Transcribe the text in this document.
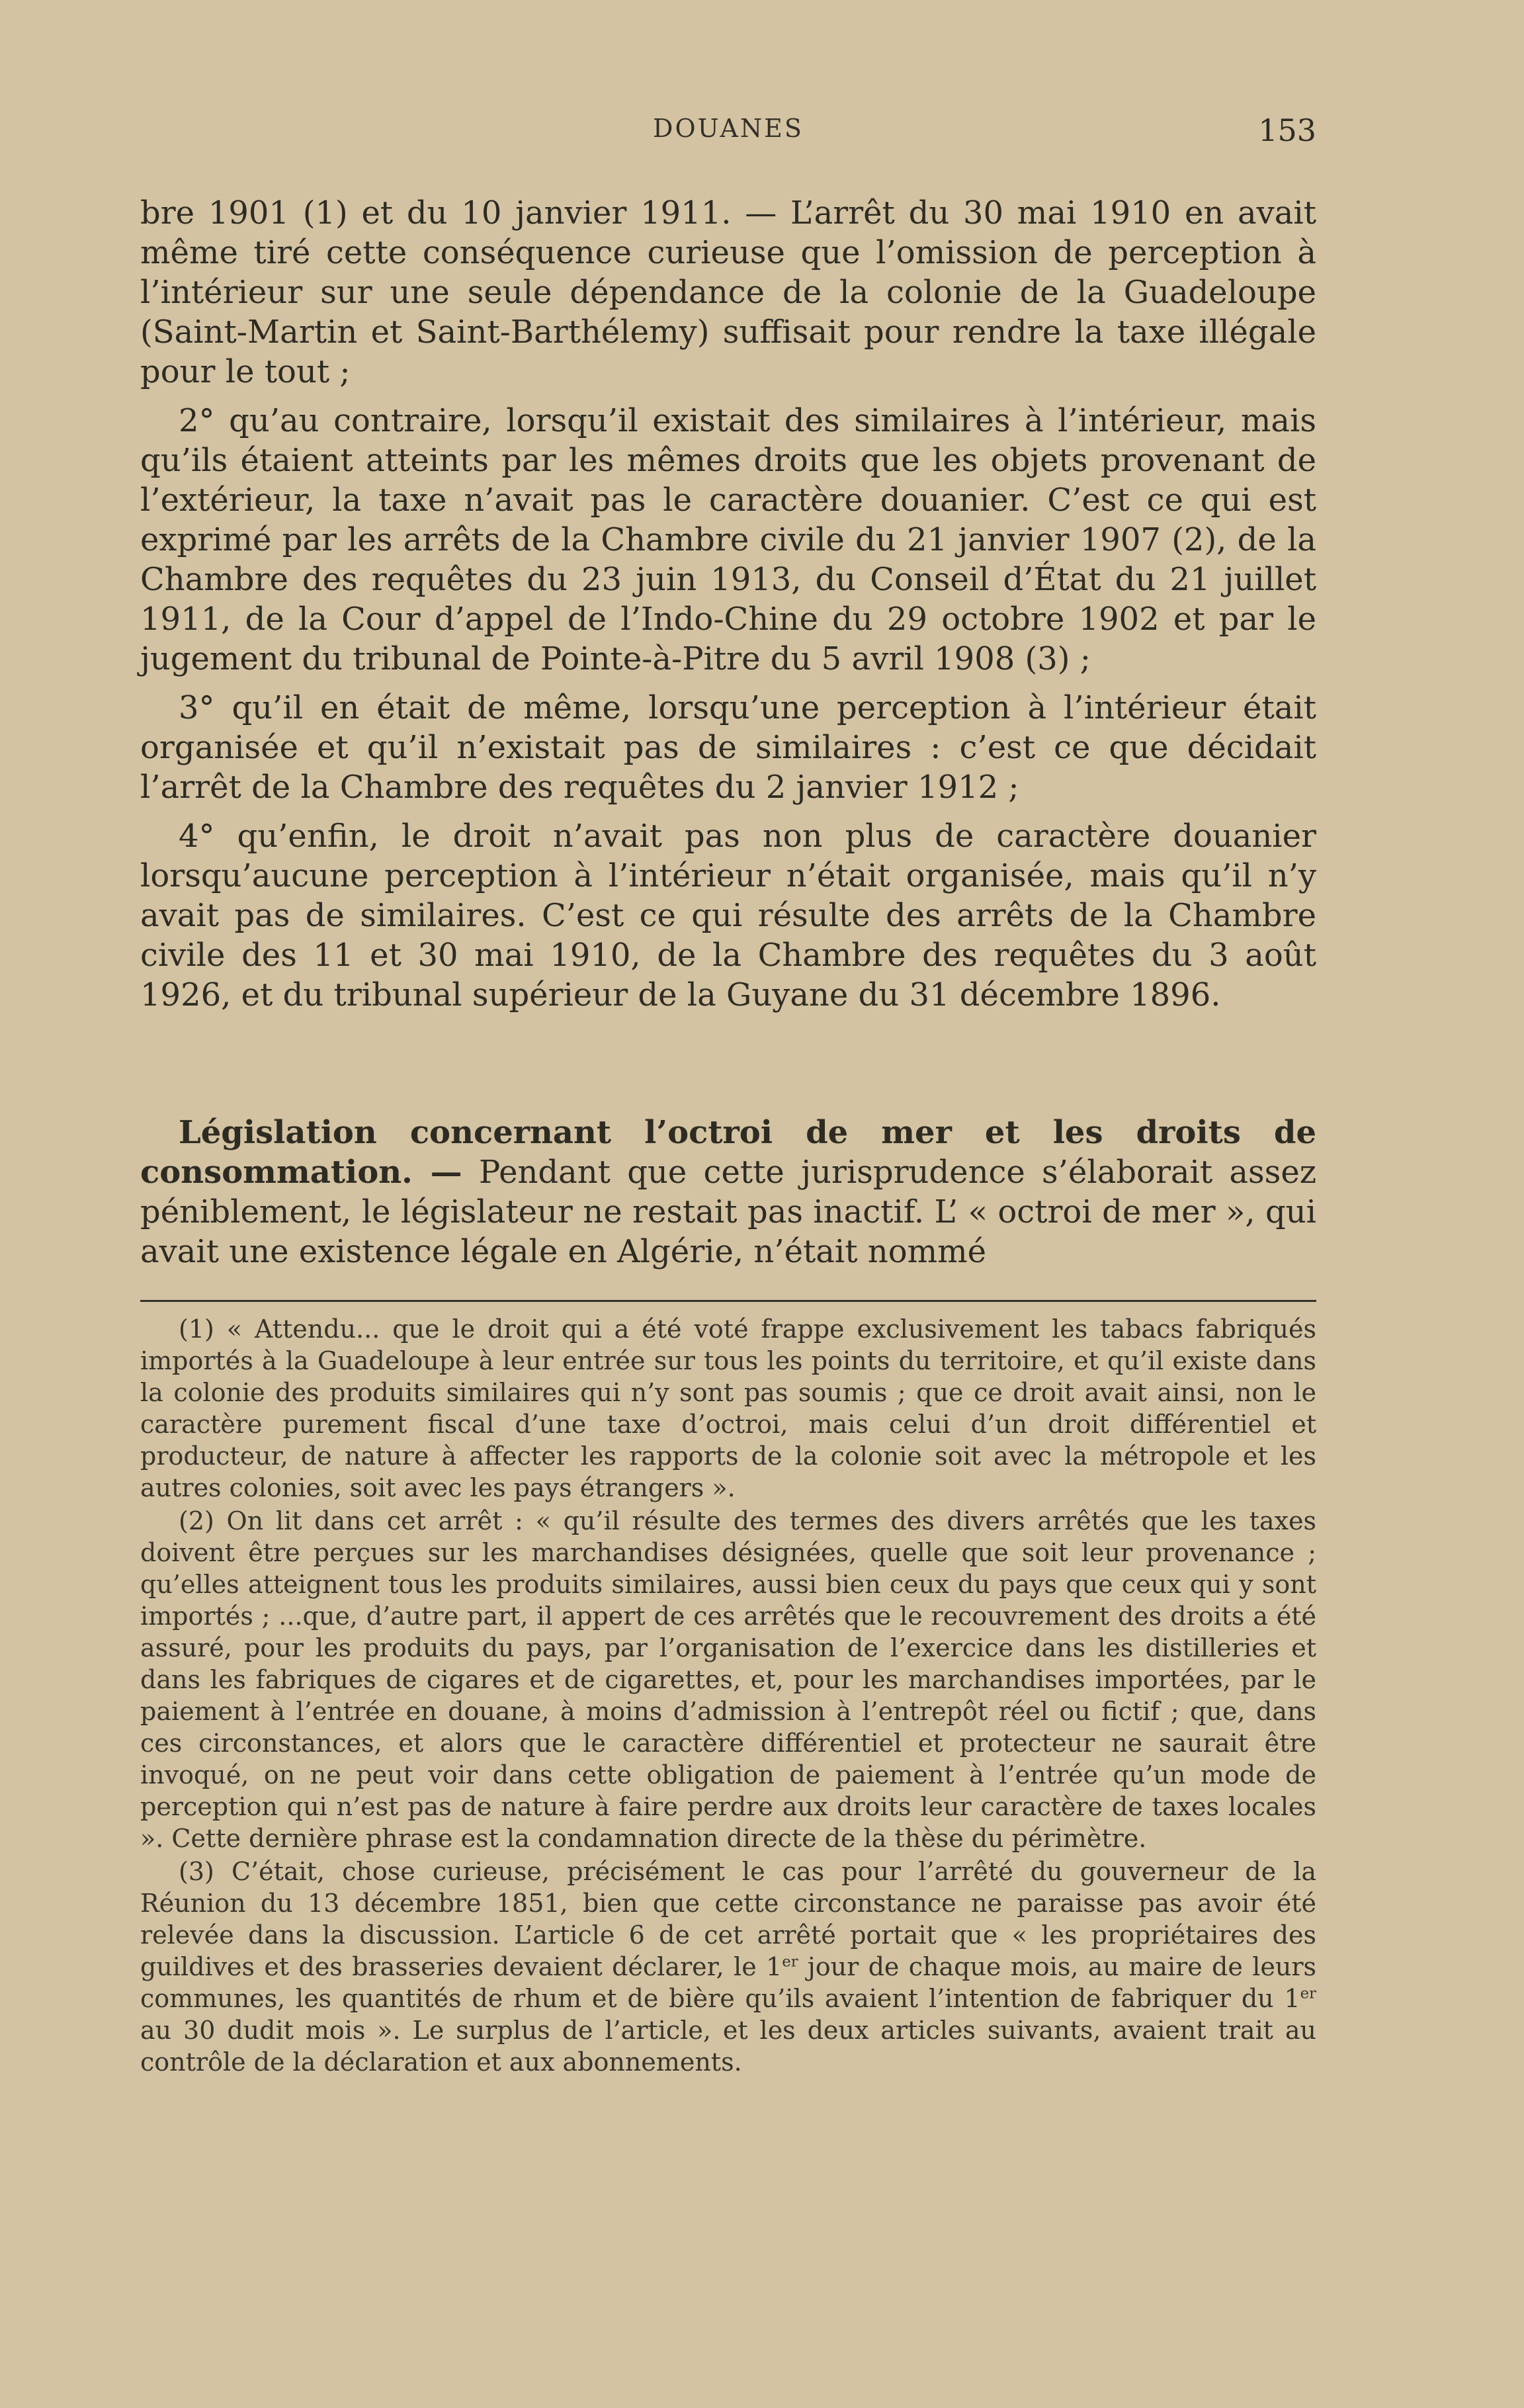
DOUANES	153

bre 1901 (1) et du 10 janvier 1911. — L’arrêt du 30 mai 1910 en avait même tiré cette conséquence curieuse que l’omission de perception à l’intérieur sur une seule dépendance de la colonie de la Guadeloupe (Saint-Martin et Saint-Barthélemy) suffisait pour rendre la taxe illégale pour le tout ;

2° qu’au contraire, lorsqu’il existait des similaires à l’intérieur, mais qu’ils étaient atteints par les mêmes droits que les objets provenant de l’extérieur, la taxe n’avait pas le caractère douanier. C’est ce qui est exprimé par les arrêts de la Chambre civile du 21 janvier 1907 (2), de la Chambre des requêtes du 23 juin 1913, du Conseil d’État du 21 juillet 1911, de la Cour d’appel de l’Indo-Chine du 29 octobre 1902 et par le jugement du tribunal de Pointe-à-Pitre du 5 avril 1908 (3) ;

3° qu’il en était de même, lorsqu’une perception à l’intérieur était organisée et qu’il n’existait pas de similaires : c’est ce que décidait l’arrêt de la Chambre des requêtes du 2 janvier 1912 ;

4° qu’enfin, le droit n’avait pas non plus de caractère douanier lorsqu’aucune perception à l’intérieur n’était organisée, mais qu’il n’y avait pas de similaires. C’est ce qui résulte des arrêts de la Chambre civile des 11 et 30 mai 1910, de la Chambre des requêtes du 3 août 1926, et du tribunal supérieur de la Guyane du 31 décembre 1896.

Législation concernant l’octroi de mer et les droits de consommation. — Pendant que cette jurisprudence s’élaborait assez péniblement, le législateur ne restait pas inactif. L’ « octroi de mer », qui avait une existence légale en Algérie, n’était nommé

(1) « Attendu... que le droit qui a été voté frappe exclusivement les tabacs fabriqués importés à la Guadeloupe à leur entrée sur tous les points du territoire, et qu’il existe dans la colonie des produits similaires qui n’y sont pas soumis ; que ce droit avait ainsi, non le caractère purement fiscal d’une taxe d’octroi, mais celui d’un droit différentiel et producteur, de nature à affecter les rapports de la colonie soit avec la métropole et les autres colonies, soit avec les pays étrangers ».

(2) On lit dans cet arrêt : « qu’il résulte des termes des divers arrêtés que les taxes doivent être perçues sur les marchandises désignées, quelle que soit leur provenance ; qu’elles atteignent tous les produits similaires, aussi bien ceux du pays que ceux qui y sont importés ; ...que, d’autre part, il appert de ces arrêtés que le recouvrement des droits a été assuré, pour les produits du pays, par l’organisation de l’exercice dans les distilleries et dans les fabriques de cigares et de cigarettes, et, pour les marchandises importées, par le paiement à l’entrée en douane, à moins d’admission à l’entrepôt réel ou fictif ; que, dans ces circonstances, et alors que le caractère différentiel et protecteur ne saurait être invoqué, on ne peut voir dans cette obligation de paiement à l’entrée qu’un mode de perception qui n’est pas de nature à faire perdre aux droits leur caractère de taxes locales ». Cette dernière phrase est la condamnation directe de la thèse du périmètre.

(3) C’était, chose curieuse, précisément le cas pour l’arrêté du gouverneur de la Réunion du 13 décembre 1851, bien que cette circonstance ne paraisse pas avoir été relevée dans la discussion. L’article 6 de cet arrêté portait que « les propriétaires des guildives et des brasseries devaient déclarer, le 1er jour de chaque mois, au maire de leurs communes, les quantités de rhum et de bière qu’ils avaient l’intention de fabriquer du 1er au 30 dudit mois ». Le surplus de l’article, et les deux articles suivants, avaient trait au contrôle de la déclaration et aux abonnements.
